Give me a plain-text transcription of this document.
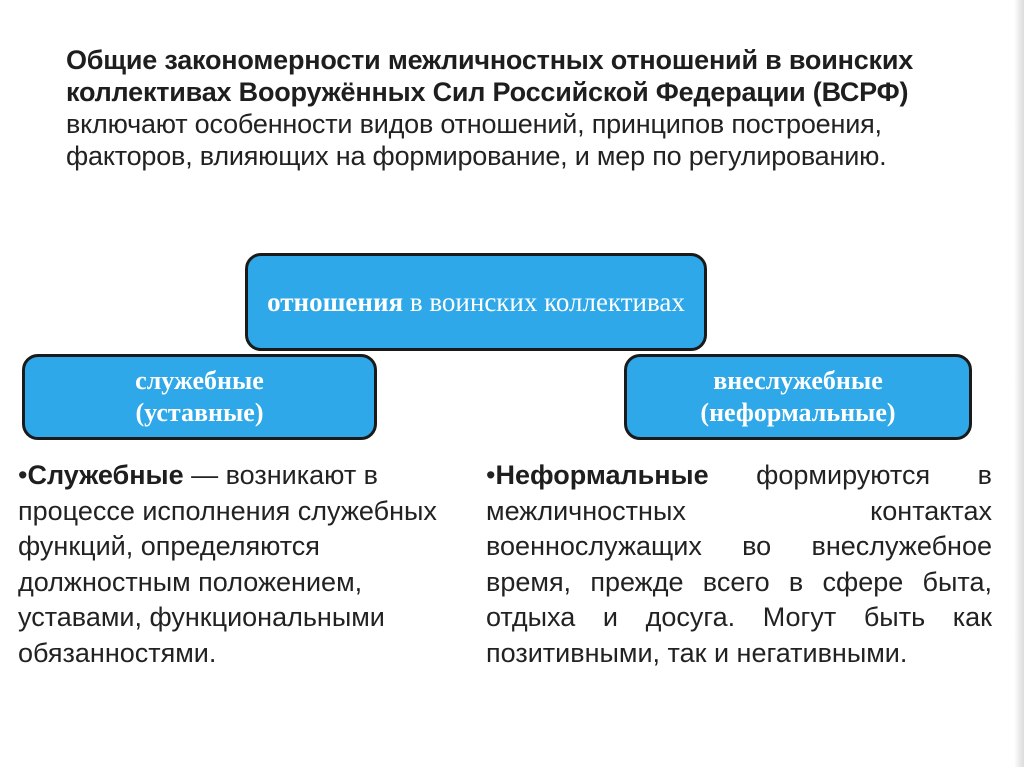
Общие закономерности межличностных отношений в воинских коллективах Вооружённых Сил Российской Федерации (ВСРФ) включают особенности видов отношений, принципов построения, факторов, влияющих на формирование, и мер по регулированию.
отношения в воинских коллективах
служебные
(уставные)
внеслужебные
(неформальные)
•Служебные — возникают в процессе исполнения служебных функций, определяются должностным положением, уставами, функциональными обязанностями.
•Неформальные формируются в межличностных контактах военнослужащих во внеслужебное время, прежде всего в сфере быта, отдыха и досуга. Могут быть как позитивными, так и негативными.
